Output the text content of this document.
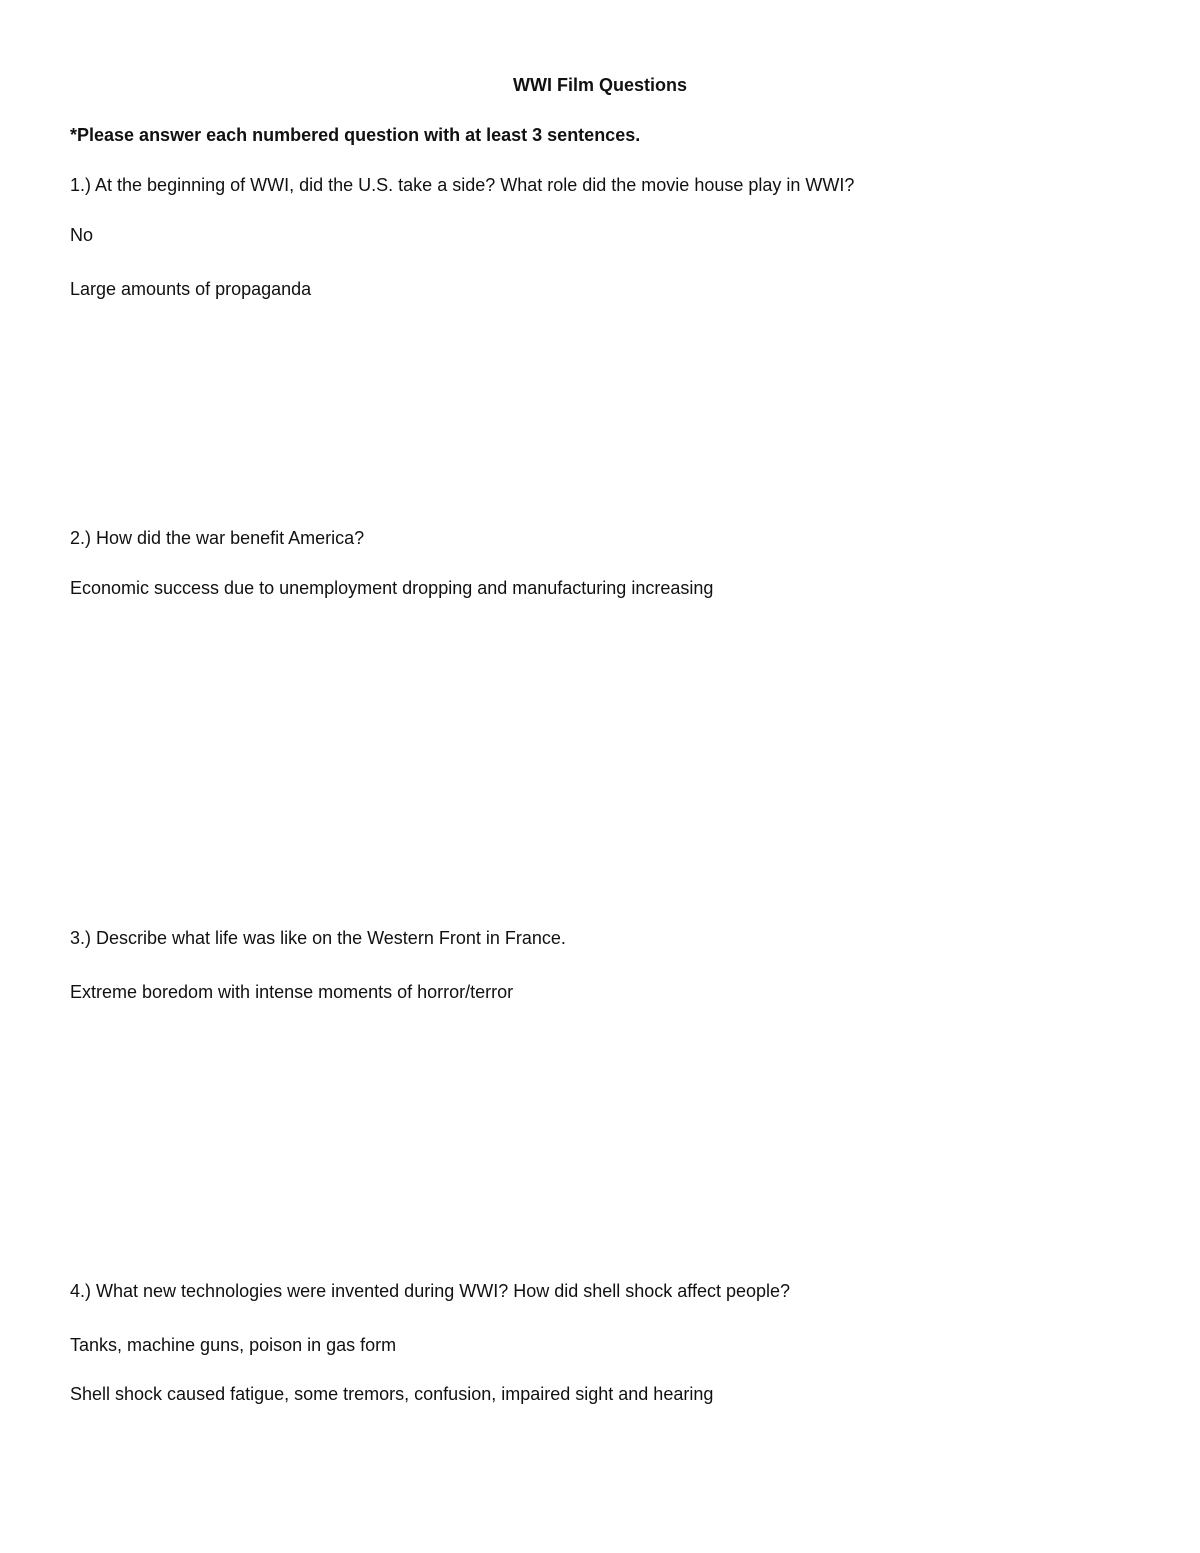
WWI Film Questions
*Please answer each numbered question with at least 3 sentences.
1.) At the beginning of WWI, did the U.S. take a side? What role did the movie house play in WWI?
No
Large amounts of propaganda
2.) How did the war benefit America?
Economic success due to unemployment dropping and manufacturing increasing
3.) Describe what life was like on the Western Front in France.
Extreme boredom with intense moments of horror/terror
4.) What new technologies were invented during WWI? How did shell shock affect people?
Tanks, machine guns, poison in gas form
Shell shock caused fatigue, some tremors, confusion, impaired sight and hearing
